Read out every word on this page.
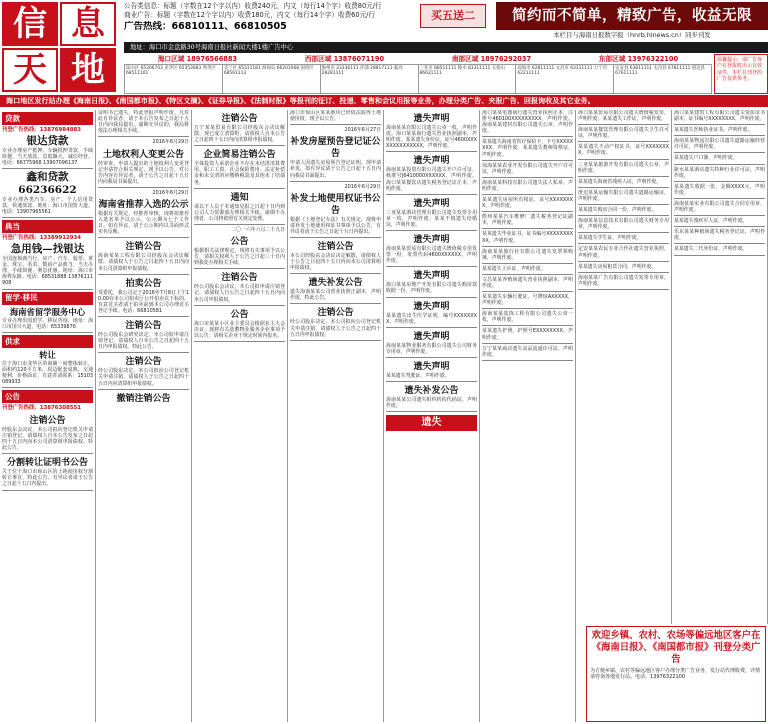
信 息
天 地
公告类信息：标题（字数在12个字以内）收费240元，内文（每行14个字）收费80元/行
商业广告：标题（字数在12个字以内）收费180元，内文（每行14个字）收费60元/行
广告热线：66810111、66810505
买五送二	简约而不简单，精致广告，收益无限
本栏目与海南日报数字报（hnrb.hinews.cn）同步刊发
地址：海口市金盘路30号海南日报社新闻大楼1楼广告中心
海口区域 18976566883	西部区域 13876071190	南部区域 18976292037	东部区域 13976322100
琼山区 65306703 龙华区 65353683 秀英区 68511101
美兰区 65311181 海甸岛 66201068 国贸区 68561113
儋州市 23336111 洋浦 28817111 临高 28281111
三亚市 88511111 陵水 83311111 五指山 86621111
琼海市 62811111 文昌市 63311111 万宁市 62211111
定安县 63811111 屯昌县 67811111 澄迈县 67611111
温馨提示：请广告客户在登报时出示有效证件，本栏目刊登的广告仅供参考。
海口地区发行站办理《海南日报》、《南国都市报》、《特区文摘》、《证券导报》、《法制时报》等报刊的征订、投递、零售和会议用报等业务，办理分类广告、夹报广告、回报询收及其它业务。
贷款
刊登广告热线：13876984883
银达贷款
专业办理房产抵押、车辆抵押贷款，手续简便，当天放款，息低额大，诚信经营。电话：66775968 13907096137
鑫和贷款66236622
专业办理各类汽车、房产、个人信用贷款，快速放款，地址：海口市国贸大道。电话：13907965561
典当
刊登广告热线：13389912934
急用钱—找银达
全国连锁典当行，房产、汽车、股票、黄金、珠宝、名表、数码产品典当，当天办理，手续简便，利息优惠。地址：海口市海秀东路。电话：68531888 13876111908
留学·移民
海南省留学服务中心
专业办理出国留学、移民咨询，地址：海口市国兴大道，电话：65339876
供求
转让
位于海口市龙华区的商铺一间整体转让，面积约120平方米，周边配套成熟，交通便利，价格面议，有意者请联系：15103089933
公告
刊登广告热线：13876308551
注销公告
经股东会决议，本公司拟向登记机关申请注销登记，请债权人自本公告发布之日起四十五日内向本公司清算组申报债权。特此公告。
分割转让证明书公告
关于位于海口市琼山区的土地使用权分割转让事宜，特此公告，有异议者请于公告之日起十五日内提出。
证明书已遗失，特此登报声明作废。凡对此有异议者，请于本公告发布之日起十五日内向我局提出，逾期无异议的，我局将依法办理相关手续。
2016年6月29日
土地权利人变更公告
经审查，申请人提出的土地权利人变更登记申请符合相关规定，现予以公告。对公告内容有异议者，请于公告之日起十五日内向我局书面提出。
2016年6月29日
海南省推荐入选的公示
根据有关规定，经推荐审核，现将拟推荐入选名单予以公示，公示期为七个工作日。如有异议，请于公示期内以书面形式实名反映。
注销公告
海南某某工程有限公司经股东会决议解散，请债权人于公告之日起四十五日内向本公司清算组申报债权。
拍卖公告
受委托，我公司定于2016年7月8日上午10:00在本公司拍卖厅公开拍卖以下标的，有意竞买者请于拍卖前到本公司办理竞买登记手续。电话：66810581
注销公告
经公司股东会研究决定，本公司拟申请注销登记，请债权人自本公告之日起四十五日内申报债权。特此公告。
注销公告
经公司股东决定，本公司拟向公司登记机关申请注销，请债权人于公告之日起四十五日内向清算组申报债权。
撤销注销公告
注销公告
万宁某某贸易有限公司经股东会决议解散，现已成立清算组，请债权人自本公告之日起四十五日内向清算组申报债权。
企业简易注销公告
全体投资人承诺企业不存在未结清清算费用、职工工资、社会保险费用、法定补偿金和未交清的应缴纳税款及其他未了结债务。
通知
请以下人员于本通知见报之日起十日内到公司人力资源部办理相关手续，逾期不办理者，公司将依照有关规定处理。
二〇一六年六月二十九日
公告
根据相关法律规定，现将有关事项予以公告，请相关权利人于公告之日起三十日内到我处办理相关手续。
注销公告
经公司股东会决议，本公司拟申请注销登记，请债权人自公告之日起四十五日内向本公司申报债权。
公告
海口市某某小区业主委员会根据业主大会决议，现将有关选聘物业服务企业事项予以公告，请相关企业于规定时间内报名。
海口市琼山区某某地块已经依法取得土地使用权，现予以公告。
2016年6月27日
补发房屋预告登记证公告
申请人因遗失房屋预告登记证明，现申请补发，如有异议请于公告之日起十五日内向我局书面提出。
2016年6月29日
补发土地使用权证书公告
根据《土地登记办法》有关规定，现将申请补发土地使用权证书事项予以公告，有异议者请于公告之日起十五日内提出。
注销公告
本公司经股东会决议决定解散，请债权人于公告之日起四十五日内向本公司清算组申报债权。
遗失补发公告
遗失海南某某公司营业执照正副本，声明作废，特此公告。
注销公告
经公司股东决定，本公司拟向公司登记机关申请注销，请债权人于公告之日起四十五日内申报债权。
遗失声明
海南某某有限公司遗失公章一枚，声明作废。海口某某商行遗失营业执照副本，声明作废。某某遗失身份证，证号4600XXXXXXXXXXXXXX，声明作废。
遗失声明
海南某某投资有限公司遗失开户许可证，核准号J6410000XXXXXX，声明作废。海口某某餐饮店遗失税务登记证正本，声明作废。
遗失声明
三亚某某酒店管理有限公司遗失发票专用章一枚，声明作废。某某不慎遗失结婚证，声明作废。
遗失声明
海南某某贸易有限公司遗失增值税专用发票一份，发票代码4600XXXXXX，声明作废。
遗失声明
海口某某房地产开发有限公司遗失购房款收据一份，声明作废。
遗失声明
某某遗失出生医学证明，编号XXXXXXXX，声明作废。
遗失声明
海南某某物业服务有限公司遗失公司财务专用章，声明作废。
遗失声明
某某遗失驾驶证，声明作废。
遗失补发公告
海南某某公司遗失组织机构代码证，声明作废。
遗失
海口某某电器商行遗失营业执照正本，注册号460100XXXXXXXXX，声明作废。海南某某建材有限公司遗失公章，声明作废。
某某遗失海南省医疗保险卡，卡号XXXXXXXX，声明作废。某某遗失教师资格证，声明作废。
琼海某某农业开发有限公司遗失开户许可证，声明作废。
海南某某科技有限公司遗失法人私章，声明作废。
某某遗失房屋所有权证，证号XXXXXXXX，声明作废。
儋州某某汽车维修厂遗失税务登记证副本，声明作废。
某某遗失毕业证书，证书编号XXXXXXXXXX，声明作废。
海南某某旅行社有限公司遗失发票领购簿，声明作废。
某某遗失士兵证，声明作废。
文昌某某养殖场遗失营业执照副本，声明作废。
某某遗失车辆行驶证，号牌琼AXXXXX，声明作废。
海南某某装饰工程有限公司遗失公章一枚，声明作废。
某某遗失护照，护照号EXXXXXXXX，声明作废。
万宁某某商店遗失食品流通许可证，声明作废。
海口某某贸易有限公司遗失增值税发票，声明作废。某某遗失工作证，声明作废。
海南某某餐饮管理有限公司遗失卫生许可证，声明作废。
某某遗失不动产权证书，证号XXXXXXXX，声明作废。
三亚某某旅游开发有限公司遗失公章，声明作废。
某某遗失海南省残疾人证，声明作废。
澄迈某某运输有限公司遗失道路运输证，声明作废。
某某遗失购房合同一份，声明作废。
海南某某信息技术有限公司遗失财务专用章，声明作废。
某某遗失学生证，声明作废。
定安某某农民专业合作社遗失营业执照，声明作废。
某某遗失房屋租赁合同，声明作废。
海南某某广告有限公司遗失发票专用章，声明作废。
海口某某建筑工程有限公司遗失资质证书副本，证书编号XXXXXXXX，声明作废。
某某遗失医师执业证书，声明作废。
海南某某物流有限公司遗失道路运输经营许可证，声明作废。
某某遗失户口簿，声明作废。
陵水某某酒店遗失特种行业许可证，声明作废。
某某遗失收据一张，金额XXXX元，声明作废。
海南某某实业有限公司遗失合同专用章，声明作废。
某某遗失残疾军人证，声明作废。
乐东某某种植场遗失税务登记证，声明作废。
某某遗失二代身份证，声明作废。
欢迎乡镇、农村、农场等偏远地区客户在《海南日报》、《南国都市报》刊登分类广告
为方便乡镇、农村等偏远地区客户办理分类广告业务，发行站代理收费，详情请咨询各地发行站。电话：13976322100
